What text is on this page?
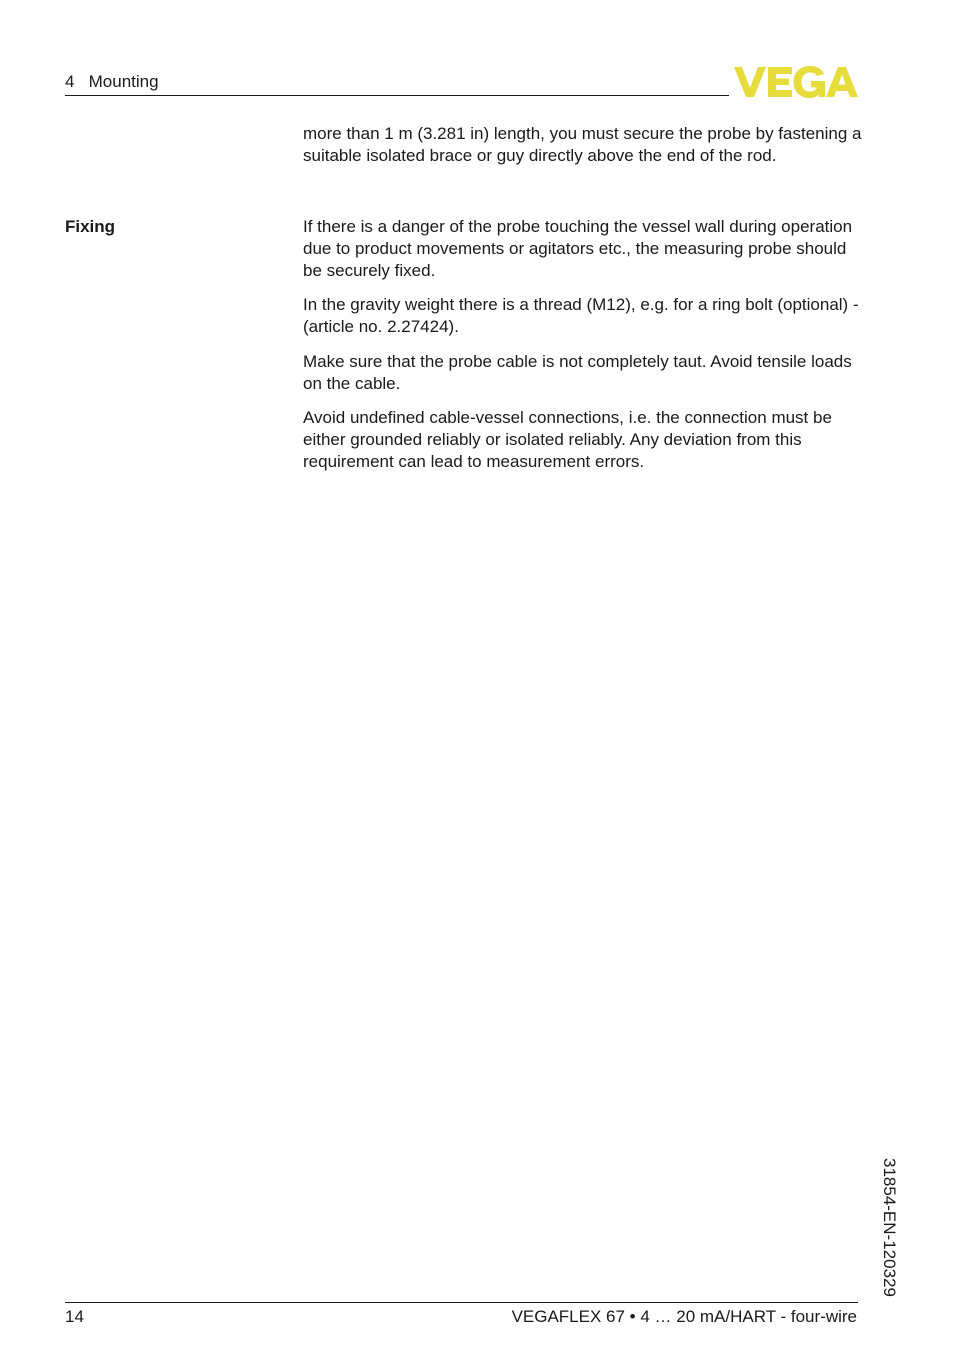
4   Mounting

more than 1 m (3.281 in) length, you must secure the probe by fastening a suitable isolated brace or guy directly above the end of the rod.

Fixing	If there is a danger of the probe touching the vessel wall during operation due to product movements or agitators etc., the measuring probe should be securely fixed.

In the gravity weight there is a thread (M12), e.g. for a ring bolt (optional) - (article no. 2.27424).

Make sure that the probe cable is not completely taut. Avoid tensile loads on the cable.

Avoid undefined cable-vessel connections, i.e. the connection must be either grounded reliably or isolated reliably. Any deviation from this requirement can lead to measurement errors.

31854-EN-120329
14	VEGAFLEX 67 • 4 … 20 mA/HART - four-wire
